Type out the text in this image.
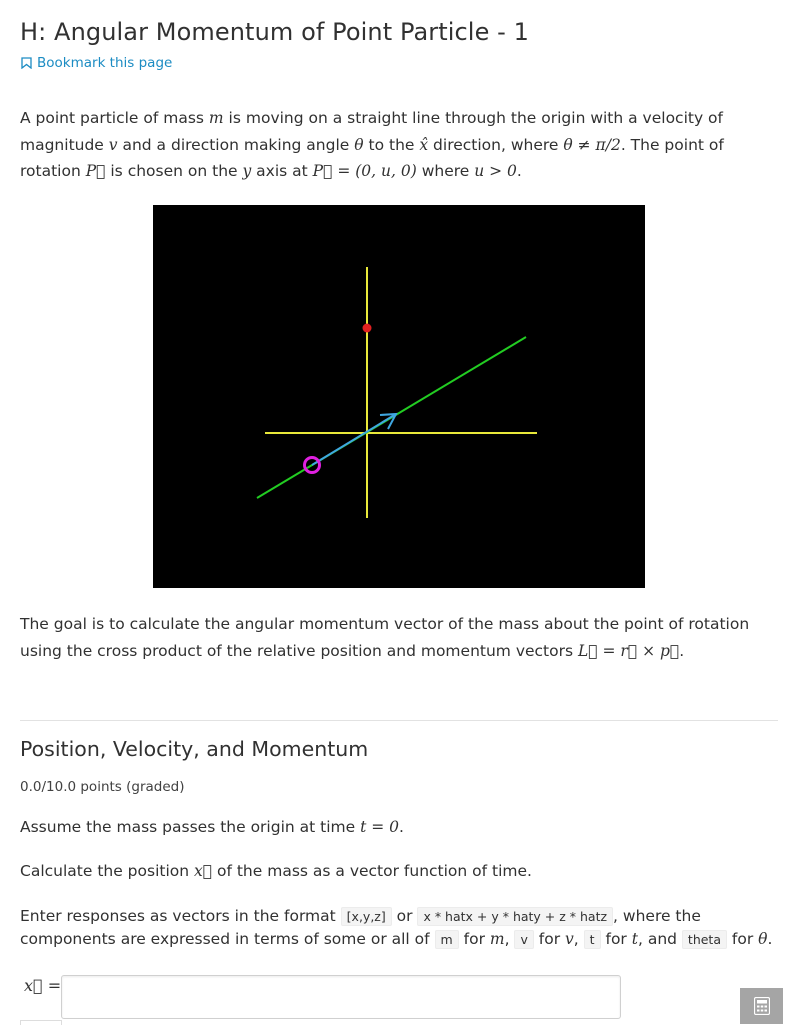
H: Angular Momentum of Point Particle - 1
Bookmark this page

A point particle of mass m is moving on a straight line through the origin with a velocity of magnitude v and a direction making angle θ to the x̂ direction, where θ ≠ π/2. The point of rotation P⃗ is chosen on the y axis at P⃗ = (0, u, 0) where u > 0.

The goal is to calculate the angular momentum vector of the mass about the point of rotation using the cross product of the relative position and momentum vectors L⃗ = r⃗ × p⃗.

Position, Velocity, and Momentum
0.0/10.0 points (graded)

Assume the mass passes the origin at time t = 0.

Calculate the position x⃗ of the mass as a vector function of time.

Enter responses as vectors in the format [x,y,z] or x * hatx + y * haty + z * hatz , where the components are expressed in terms of some or all of m for m, v for v, t for t, and theta for θ.

x⃗ =
